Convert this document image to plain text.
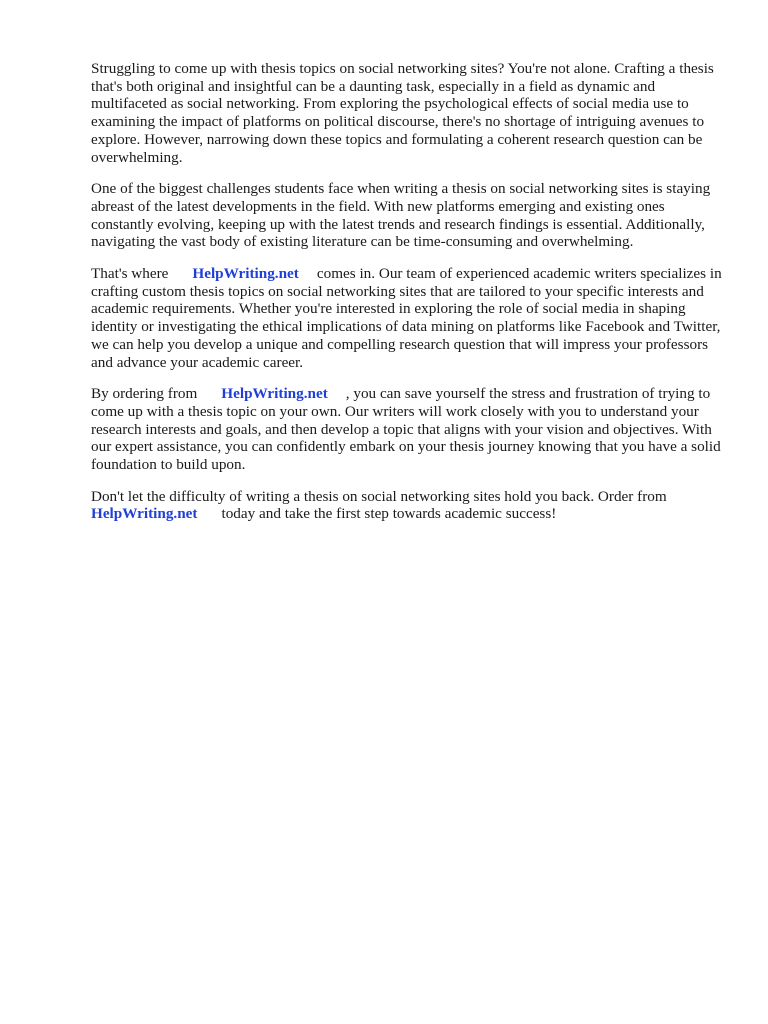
Struggling to come up with thesis topics on social networking sites? You're not alone. Crafting a thesis that's both original and insightful can be a daunting task, especially in a field as dynamic and multifaceted as social networking. From exploring the psychological effects of social media use to examining the impact of platforms on political discourse, there's no shortage of intriguing avenues to explore. However, narrowing down these topics and formulating a coherent research question can be overwhelming.

One of the biggest challenges students face when writing a thesis on social networking sites is staying abreast of the latest developments in the field. With new platforms emerging and existing ones constantly evolving, keeping up with the latest trends and research findings is essential. Additionally, navigating the vast body of existing literature can be time-consuming and overwhelming.

That's where HelpWriting.net comes in. Our team of experienced academic writers specializes in crafting custom thesis topics on social networking sites that are tailored to your specific interests and academic requirements. Whether you're interested in exploring the role of social media in shaping identity or investigating the ethical implications of data mining on platforms like Facebook and Twitter, we can help you develop a unique and compelling research question that will impress your professors and advance your academic career.

By ordering from HelpWriting.net , you can save yourself the stress and frustration of trying to come up with a thesis topic on your own. Our writers will work closely with you to understand your research interests and goals, and then develop a topic that aligns with your vision and objectives. With our expert assistance, you can confidently embark on your thesis journey knowing that you have a solid foundation to build upon.

Don't let the difficulty of writing a thesis on social networking sites hold you back. Order from HelpWriting.net today and take the first step towards academic success!
